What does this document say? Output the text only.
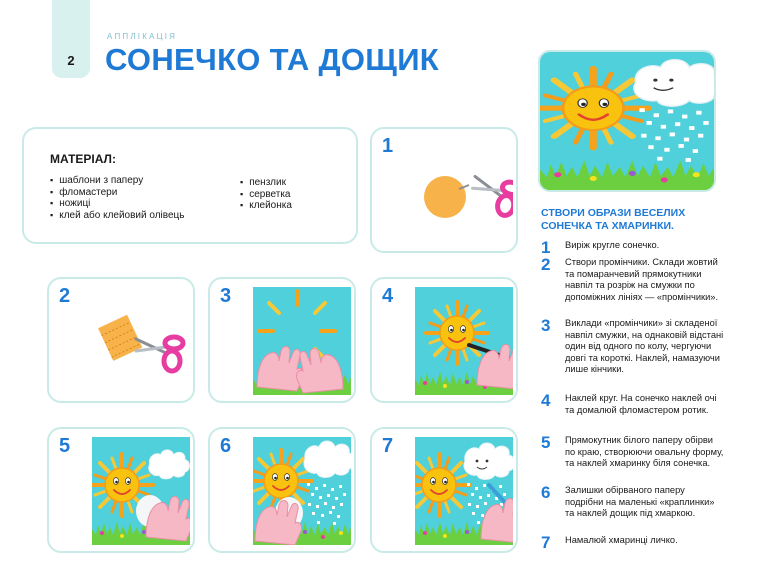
2
АППЛІКАЦІЯ
СОНЕЧКО ТА ДОЩИК
МАТЕРІАЛ:
▪ шаблони з паперу
▪ фломастери
▪ ножиці
▪ клей або клейовий олівець
▪ пензлик
▪ серветка
▪ клейонка
1
2	3	4
5	6	7
СТВОРИ ОБРАЗИ ВЕСЕЛИХ СОНЕЧКА ТА ХМАРИНКИ.
1 Виріж кругле сонечко.
2 Створи промінчики. Склади жовтий та помаранчевий прямокутники навпіл та розріж на смужки по допоміжних лініях — «промінчики».
3 Виклади «промінчики» зі складеної навпіл смужки, на однаковій відстані один від одного по колу, чергуючи довгі та короткі. Наклей, намазуючи лише кінчики.
4 Наклей круг. На сонечко наклей очі та домалюй фломастером ротик.
5 Прямокутник білого паперу обірви по краю, створюючи овальну форму, та наклей хмаринку біля сонечка.
6 Залишки обірваного паперу подрібни на маленькі «краплинки» та наклей дощик під хмаркою.
7 Намалюй хмаринці личко.
